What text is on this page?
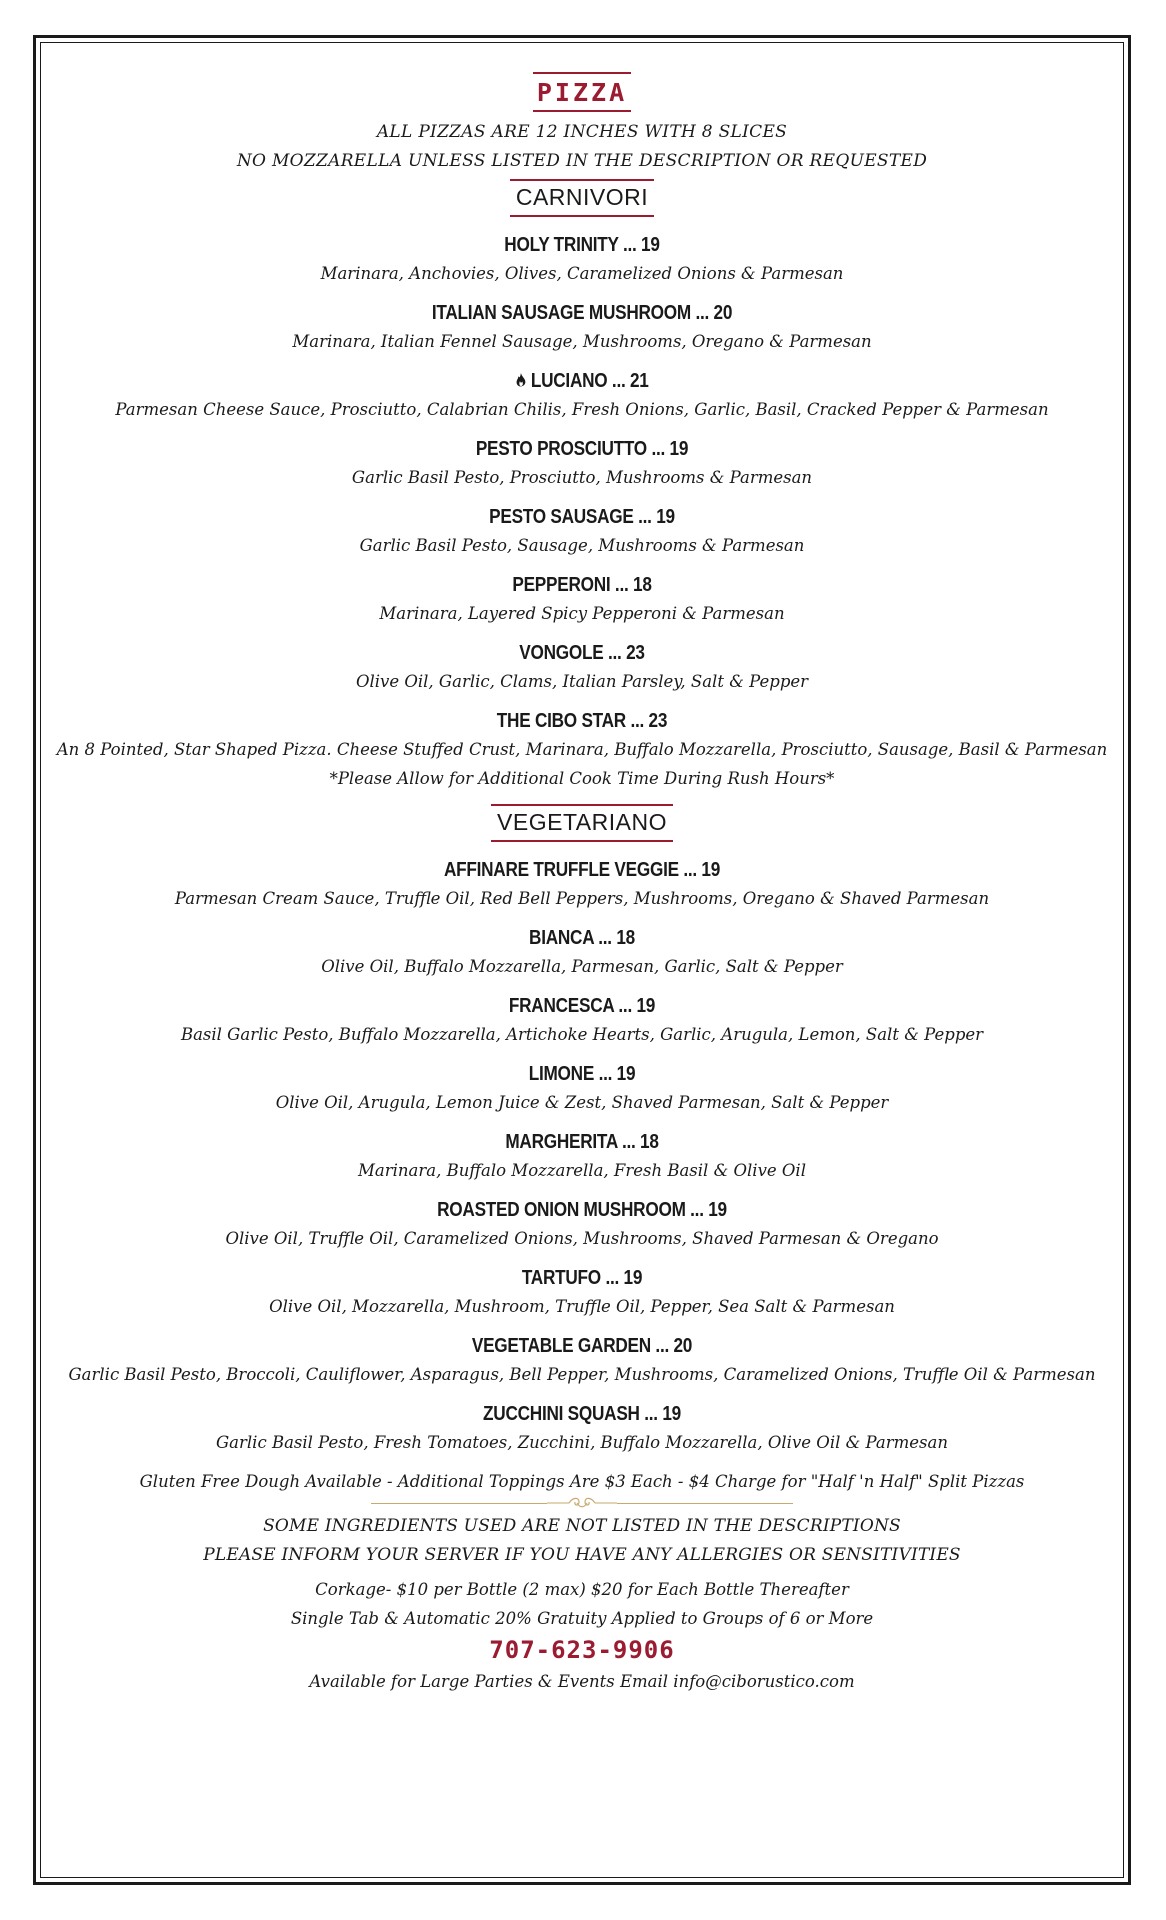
PIZZA
ALL PIZZAS ARE 12 INCHES WITH 8 SLICES
NO MOZZARELLA UNLESS LISTED IN THE DESCRIPTION OR REQUESTED
CARNIVORI
HOLY TRINITY ... 19
Marinara, Anchovies, Olives, Caramelized Onions & Parmesan
ITALIAN SAUSAGE MUSHROOM ... 20
Marinara, Italian Fennel Sausage, Mushrooms, Oregano & Parmesan
LUCIANO ... 21
Parmesan Cheese Sauce, Prosciutto, Calabrian Chilis, Fresh Onions, Garlic, Basil, Cracked Pepper & Parmesan
PESTO PROSCIUTTO ... 19
Garlic Basil Pesto, Prosciutto, Mushrooms & Parmesan
PESTO SAUSAGE ... 19
Garlic Basil Pesto, Sausage, Mushrooms & Parmesan
PEPPERONI ... 18
Marinara, Layered Spicy Pepperoni & Parmesan
VONGOLE ... 23
Olive Oil, Garlic, Clams, Italian Parsley, Salt & Pepper
THE CIBO STAR ... 23
An 8 Pointed, Star Shaped Pizza. Cheese Stuffed Crust, Marinara, Buffalo Mozzarella, Prosciutto, Sausage, Basil & Parmesan
*Please Allow for Additional Cook Time During Rush Hours*
VEGETARIANO
AFFINARE TRUFFLE VEGGIE ... 19
Parmesan Cream Sauce, Truffle Oil, Red Bell Peppers, Mushrooms, Oregano & Shaved Parmesan
BIANCA ... 18
Olive Oil, Buffalo Mozzarella, Parmesan, Garlic, Salt & Pepper
FRANCESCA ... 19
Basil Garlic Pesto, Buffalo Mozzarella, Artichoke Hearts, Garlic, Arugula, Lemon, Salt & Pepper
LIMONE ... 19
Olive Oil, Arugula, Lemon Juice & Zest, Shaved Parmesan, Salt & Pepper
MARGHERITA ... 18
Marinara, Buffalo Mozzarella, Fresh Basil & Olive Oil
ROASTED ONION MUSHROOM ... 19
Olive Oil, Truffle Oil, Caramelized Onions, Mushrooms, Shaved Parmesan & Oregano
TARTUFO ... 19
Olive Oil, Mozzarella, Mushroom, Truffle Oil, Pepper, Sea Salt & Parmesan
VEGETABLE GARDEN ... 20
Garlic Basil Pesto, Broccoli, Cauliflower, Asparagus, Bell Pepper, Mushrooms, Caramelized Onions, Truffle Oil & Parmesan
ZUCCHINI SQUASH ... 19
Garlic Basil Pesto, Fresh Tomatoes, Zucchini, Buffalo Mozzarella, Olive Oil & Parmesan
Gluten Free Dough Available - Additional Toppings Are $3 Each - $4 Charge for "Half 'n Half" Split Pizzas
SOME INGREDIENTS USED ARE NOT LISTED IN THE DESCRIPTIONS
PLEASE INFORM YOUR SERVER IF YOU HAVE ANY ALLERGIES OR SENSITIVITIES
Corkage- $10 per Bottle (2 max) $20 for Each Bottle Thereafter
Single Tab & Automatic 20% Gratuity Applied to Groups of 6 or More
707-623-9906
Available for Large Parties & Events Email info@ciborustico.com
